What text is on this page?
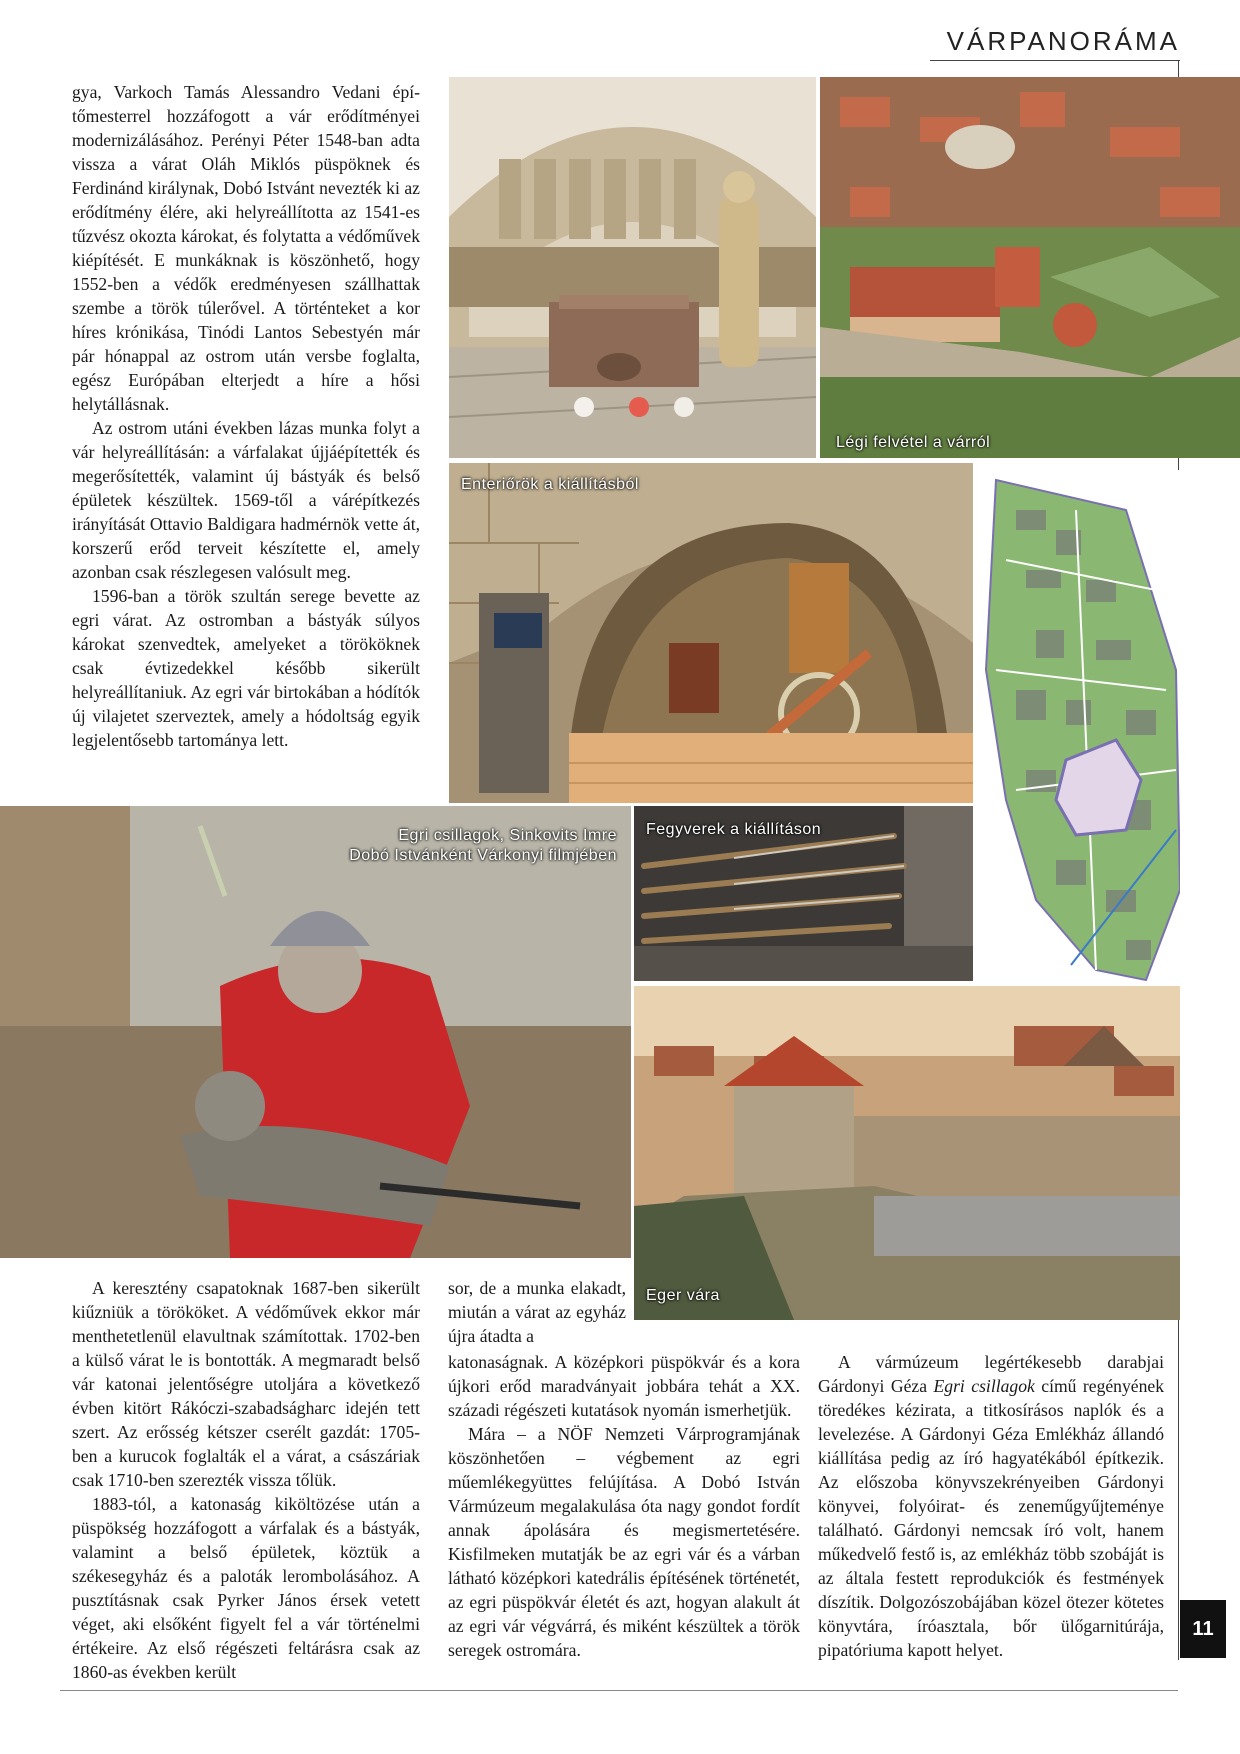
VÁRPANORÁMA
11

gya, Varkoch Tamás Alessandro Vedani építőmesterrel hozzáfogott a vár erődítményei modernizálásához. Perényi Péter 1548-ban adta vissza a várat Oláh Miklós püspöknek és Ferdinánd királynak, Dobó Istvánt nevezték ki az erődítmény élére, aki helyreállította az 1541-es tűzvész okozta károkat, és folytatta a védőművek kiépítését. E munkáknak is köszönhető, hogy 1552-ben a védők eredményesen szállhattak szembe a török túlerővel. A történteket a kor híres krónikása, Tinódi Lantos Sebestyén már pár hónappal az ostrom után versbe foglalta, egész Európában elterjedt a híre a hősi helytállásnak.

Az ostrom utáni években lázas munka folyt a vár helyreállításán: a várfalakat újjáépítették és megerősítették, valamint új bástyák és belső épületek készültek. 1569-től a várépítkezés irányítását Ottavio Baldigara hadmérnök vette át, korszerű erőd terveit készítette el, amely azonban csak részlegesen valósult meg.

1596-ban a török szultán serege bevette az egri várat. Az ostromban a bástyák súlyos károkat szenvedtek, amelyeket a törököknek csak évtizedekkel később sikerült helyreállítaniuk. Az egri vár birtokában a hódítók új vilajetet szerveztek, amely a hódoltság egyik legjelentősebb tartománya lett.

Légi felvétel a várról
Enteriőrök a kiállításból
Egri csillagok, Sinkovits Imre
Dobó Istvánként Várkonyi filmjében
Fegyverek a kiállításon
Eger vára

A keresztény csapatoknak 1687-ben sikerült kiűzniük a törököket. A védőművek ekkor már menthetetlenül elavultnak számítottak. 1702-ben a külső várat le is bontották. A megmaradt belső vár katonai jelentőségre utoljára a következő évben kitört Rákóczi-szabadságharc idején tett szert. Az erősség kétszer cserélt gazdát: 1705-ben a kurucok foglalták el a várat, a császáriak csak 1710-ben szerezték vissza tőlük.

1883-tól, a katonaság kiköltözése után a püspökség hozzáfogott a várfalak és a bástyák, valamint a belső épületek, köztük a székesegyház és a paloták lerombolásához. A pusztításnak csak Pyrker János érsek vetett véget, aki elsőként figyelt fel a vár történelmi értékeire. Az első régészeti feltárásra csak az 1860-as években került

sor, de a munka elakadt, miután a várat az egyház újra átadta a

katonaságnak. A középkori püspökvár és a kora újkori erőd maradványait jobbára tehát a XX. századi régészeti kutatások nyomán ismerhetjük.

Mára – a NÖF Nemzeti Várprogramjának köszönhetően – végbement az egri műemlékegyüttes felújítása. A Dobó István Vármúzeum megalakulása óta nagy gondot fordít annak ápolására és megismertetésére. Kisfilmeken mutatják be az egri vár és a várban látható középkori katedrális építésének történetét, az egri püspökvár életét és azt, hogyan alakult át az egri vár végvárrá, és miként készültek a török seregek ostromára.

A vármúzeum legértékesebb darabjai Gárdonyi Géza Egri csillagok című regényének töredékes kézirata, a titkosírásos naplók és a levelezése. A Gárdonyi Géza Emlékház állandó kiállítása pedig az író hagyatékából építkezik. Az előszoba könyvszekrényeiben Gárdonyi könyvei, folyóirat- és zeneműgyűjteménye található. Gárdonyi nemcsak író volt, hanem műkedvelő festő is, az emlékház több szobáját is az általa festett reprodukciók és festmények díszítik. Dolgozószobájában közel ötezer kötetes könyvtára, íróasztala, bőr ülőgarnitúrája, pipatóriuma kapott helyet.
